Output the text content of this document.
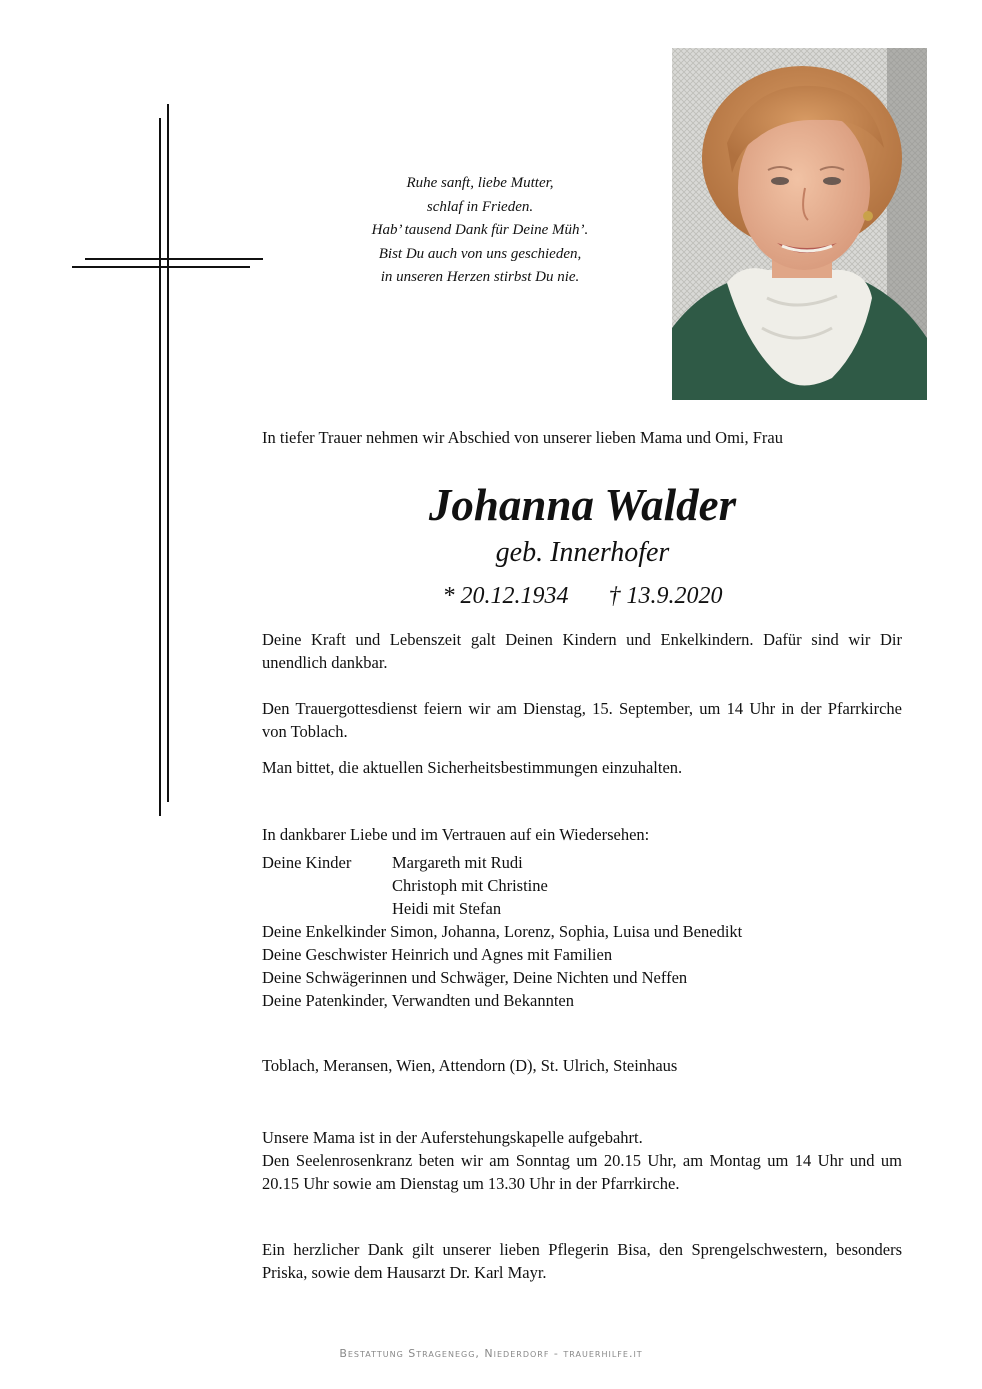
Ruhe sanft, liebe Mutter,
schlaf in Frieden.
Hab’ tausend Dank für Deine Müh’.
Bist Du auch von uns geschieden,
in unseren Herzen stirbst Du nie.
In tiefer Trauer nehmen wir Abschied von unserer lieben Mama und Omi, Frau
Johanna Walder
geb. Innerhofer
* 20.12.1934 † 13.9.2020
Deine Kraft und Lebenszeit galt Deinen Kindern und Enkelkindern. Dafür sind wir Dir unendlich dankbar.
Den Trauergottesdienst feiern wir am Dienstag, 15. September, um 14 Uhr in der Pfarrkirche von Toblach.
Man bittet, die aktuellen Sicherheitsbestimmungen einzuhalten.
In dankbarer Liebe und im Vertrauen auf ein Wiedersehen:
Deine Kinder	Margareth mit Rudi
Christoph mit Christine
Heidi mit Stefan
Deine Enkelkinder Simon, Johanna, Lorenz, Sophia, Luisa und Benedikt
Deine Geschwister Heinrich und Agnes mit Familien
Deine Schwägerinnen und Schwäger, Deine Nichten und Neffen
Deine Patenkinder, Verwandten und Bekannten
Toblach, Meransen, Wien, Attendorn (D), St. Ulrich, Steinhaus
Unsere Mama ist in der Auferstehungskapelle aufgebahrt.
Den Seelenrosenkranz beten wir am Sonntag um 20.15 Uhr, am Montag um 14 Uhr und um 20.15 Uhr sowie am Dienstag um 13.30 Uhr in der Pfarrkirche.
Ein herzlicher Dank gilt unserer lieben Pflegerin Bisa, den Sprengelschwestern, besonders Priska, sowie dem Hausarzt Dr. Karl Mayr.
Bestattung Stragenegg, Niederdorf - trauerhilfe.it
